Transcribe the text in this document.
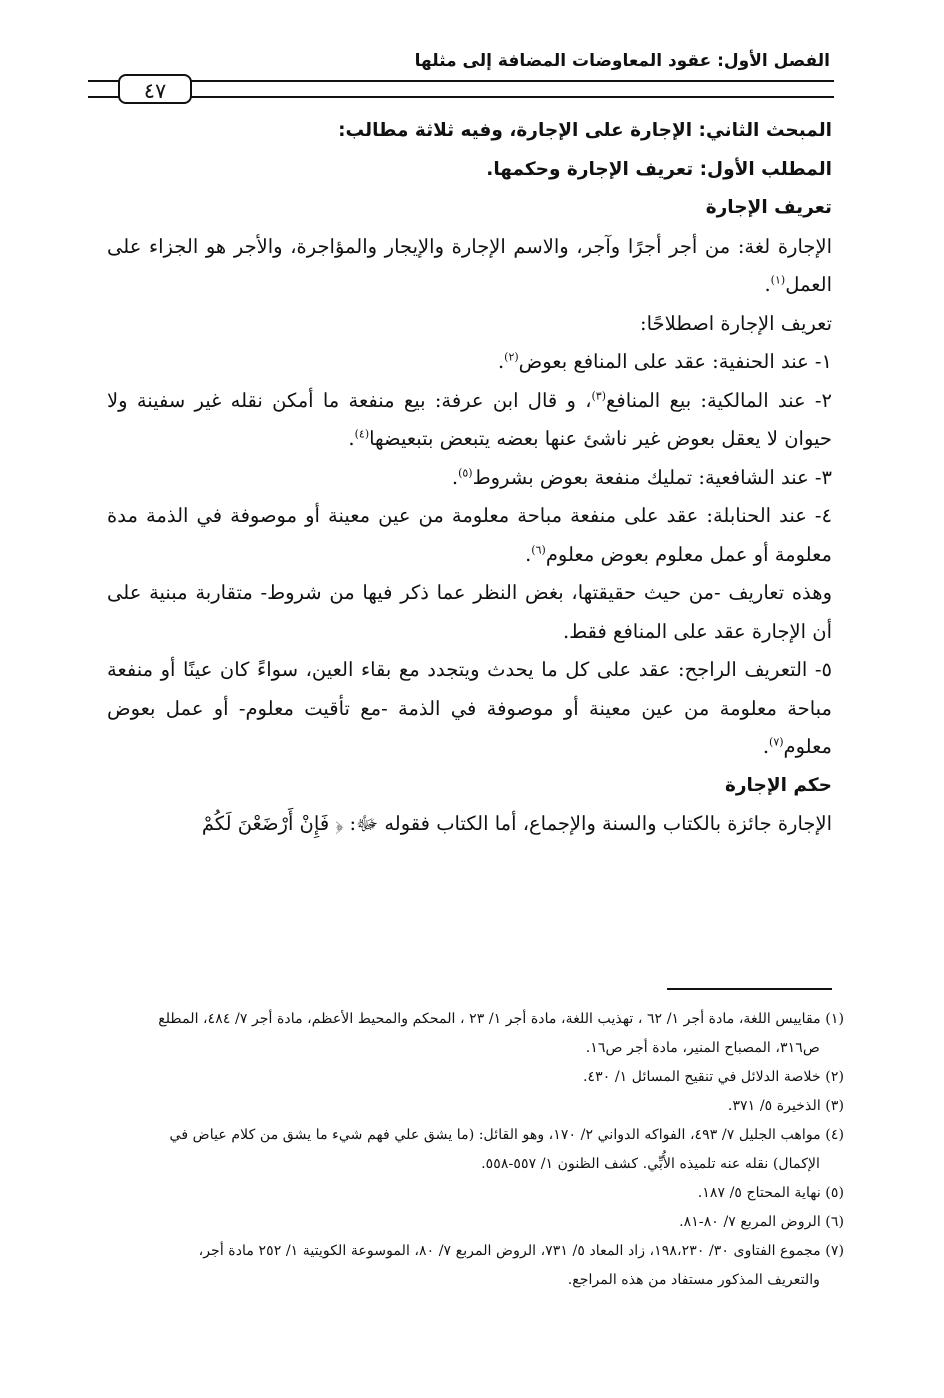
الفصل الأول: عقود المعاوضات المضافة إلى مثلها
٤٧

المبحث الثاني: الإجارة على الإجارة، وفيه ثلاثة مطالب:

المطلب الأول: تعريف الإجارة وحكمها.

تعريف الإجارة

الإجارة لغة: من أجر أجرًا وآجر، والاسم الإجارة والإيجار والمؤاجرة، والأجر هو الجزاء على العمل$^{(١)}$.

تعريف الإجارة اصطلاحًا:

١- عند الحنفية: عقد على المنافع بعوض$^{(٢)}$.

٢- عند المالكية: بيع المنافع$^{(٣)}$، و قال ابن عرفة: بيع منفعة ما أمكن نقله غير سفينة ولا حيوان لا يعقل بعوض غير ناشئ عنها بعضه يتبعض بتبعيضها$^{(٤)}$.

٣- عند الشافعية: تمليك منفعة بعوض بشروط$^{(٥)}$.

٤- عند الحنابلة: عقد على منفعة مباحة معلومة من عين معينة أو موصوفة في الذمة مدة معلومة أو عمل معلوم بعوض معلوم$^{(٦)}$.

وهذه تعاريف -من حيث حقيقتها، بغض النظر عما ذكر فيها من شروط- متقاربة مبنية على أن الإجارة عقد على المنافع فقط.

٥- التعريف الراجح: عقد على كل ما يحدث ويتجدد مع بقاء العين، سواءً كان عينًا أو منفعة مباحة معلومة من عين معينة أو موصوفة في الذمة -مع تأقيت معلوم- أو عمل بعوض معلوم$^{(٧)}$.

حكم الإجارة

الإجارة جائزة بالكتاب والسنة والإجماع، أما الكتاب فقوله ﷻ: ﴿ فَإِنْ أَرْضَعْنَ لَكُمْ

(١) مقاييس اللغة، مادة أجر ١/ ٦٢ ، تهذيب اللغة، مادة أجر ١/ ٢٣ ، المحكم والمحيط الأعظم، مادة أجر ٧/ ٤٨٤، المطلع

ص٣١٦، المصباح المنير، مادة أجر ص١٦.

(٢) خلاصة الدلائل في تنقيح المسائل ١/ ٤٣٠.

(٣) الذخيرة ٥/ ٣٧١.

(٤) مواهب الجليل ٧/ ٤٩٣، الفواكه الدواني ٢/ ١٧٠، وهو القائل: (ما يشق علي فهم شيء ما يشق من كلام عياض في

الإكمال) نقله عنه تلميذه الأُبِّي. كشف الظنون ١/ ٥٥٧-٥٥٨.

(٥) نهاية المحتاج ٥/ ١٨٧.

(٦) الروض المربع ٧/ ٨٠-٨١.

(٧) مجموع الفتاوى ٣٠/ ١٩٨،٢٣٠، زاد المعاد ٥/ ٧٣١، الروض المربع ٧/ ٨٠، الموسوعة الكويتية ١/ ٢٥٢ مادة أجر،

والتعريف المذكور مستفاد من هذه المراجع.
